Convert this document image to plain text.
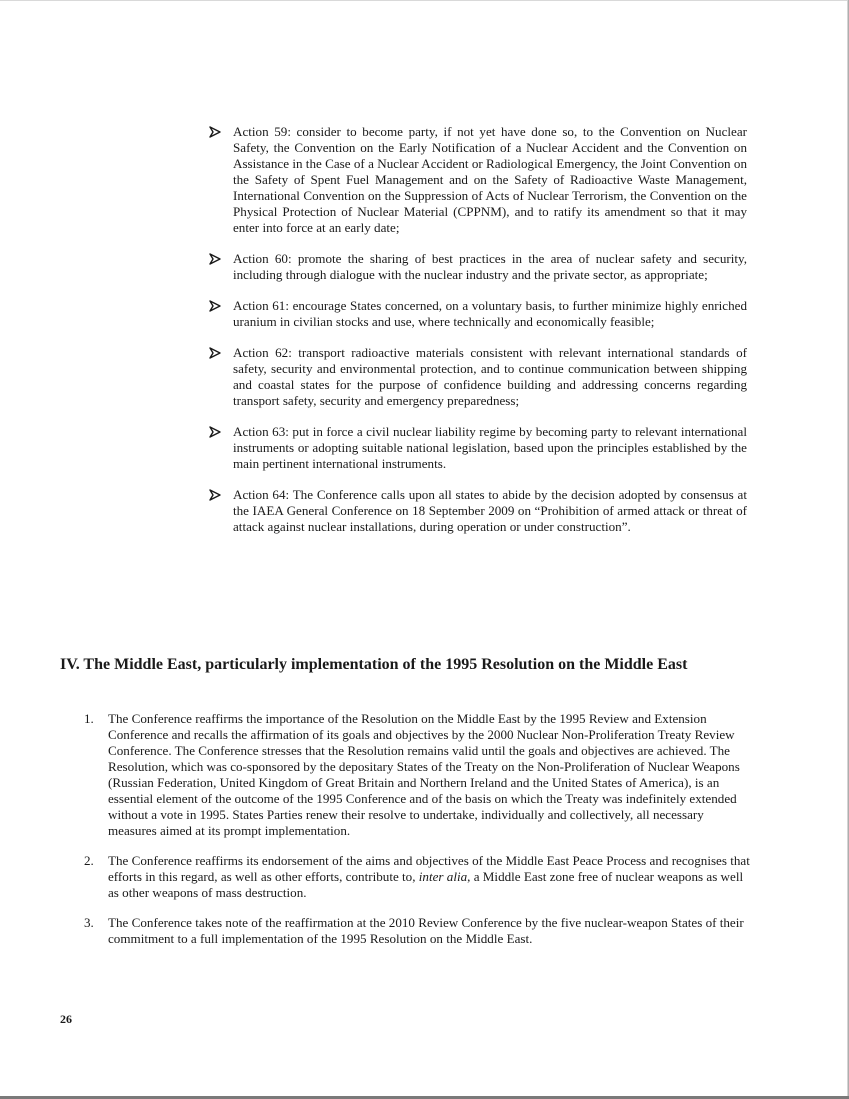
Action 59: consider to become party, if not yet have done so, to the Convention on Nuclear Safety, the Convention on the Early Notification of a Nuclear Accident and the Convention on Assistance in the Case of a Nuclear Accident or Radiological Emergency, the Joint Convention on the Safety of Spent Fuel Management and on the Safety of Radioactive Waste Management, International Convention on the Suppression of Acts of Nuclear Terrorism, the Convention on the Physical Protection of Nuclear Material (CPPNM), and to ratify its amendment so that it may enter into force at an early date;
Action 60: promote the sharing of best practices in the area of nuclear safety and security, including through dialogue with the nuclear industry and the private sector, as appropriate;
Action 61: encourage States concerned, on a voluntary basis, to further minimize highly enriched uranium in civilian stocks and use, where technically and economically feasible;
Action 62: transport radioactive materials consistent with relevant international standards of safety, security and environmental protection, and to continue communication between shipping and coastal states for the purpose of confidence building and addressing concerns regarding transport safety, security and emergency preparedness;
Action 63: put in force a civil nuclear liability regime by becoming party to relevant international instruments or adopting suitable national legislation, based upon the principles established by the main pertinent international instruments.
Action 64: The Conference calls upon all states to abide by the decision adopted by consensus at the IAEA General Conference on 18 September 2009 on “Prohibition of armed attack or threat of attack against nuclear installations, during operation or under construction”.
IV. The Middle East, particularly implementation of the 1995 Resolution on the Middle East
1. The Conference reaffirms the importance of the Resolution on the Middle East by the 1995 Review and Extension Conference and recalls the affirmation of its goals and objectives by the 2000 Nuclear Non-Proliferation Treaty Review Conference. The Conference stresses that the Resolution remains valid until the goals and objectives are achieved. The Resolution, which was co-sponsored by the depositary States of the Treaty on the Non-Proliferation of Nuclear Weapons (Russian Federation, United Kingdom of Great Britain and Northern Ireland and the United States of America), is an essential element of the outcome of the 1995 Conference and of the basis on which the Treaty was indefinitely extended without a vote in 1995. States Parties renew their resolve to undertake, individually and collectively, all necessary measures aimed at its prompt implementation.
2. The Conference reaffirms its endorsement of the aims and objectives of the Middle East Peace Process and recognises that efforts in this regard, as well as other efforts, contribute to, inter alia, a Middle East zone free of nuclear weapons as well as other weapons of mass destruction.
3. The Conference takes note of the reaffirmation at the 2010 Review Conference by the five nuclear-weapon States of their commitment to a full implementation of the 1995 Resolution on the Middle East.
26
